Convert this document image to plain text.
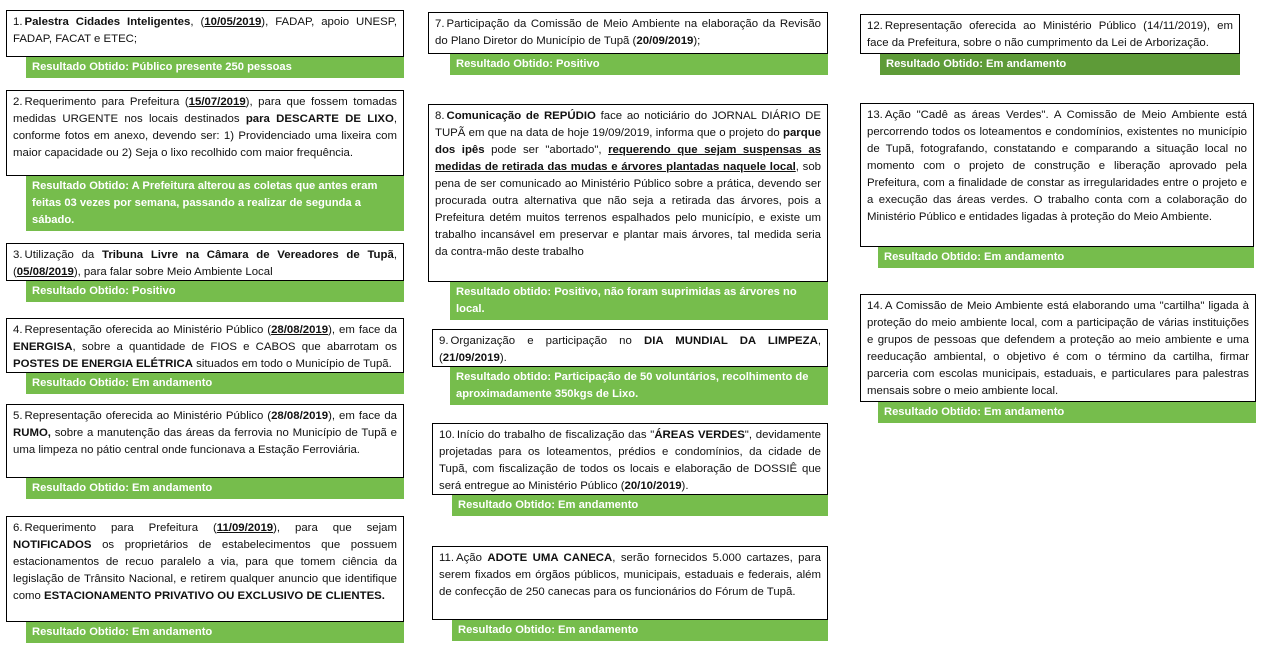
1. Palestra Cidades Inteligentes, (10/05/2019), FADAP, apoio UNESP, FADAP, FACAT e ETEC;
Resultado Obtido: Público presente 250 pessoas
2. Requerimento para Prefeitura (15/07/2019), para que fossem tomadas medidas URGENTE nos locais destinados para DESCARTE DE LIXO, conforme fotos em anexo, devendo ser: 1) Providenciado uma lixeira com maior capacidade ou 2) Seja o lixo recolhido com maior frequência.
Resultado Obtido: A Prefeitura alterou as coletas que antes eram feitas 03 vezes por semana, passando a realizar de segunda a sábado.
3. Utilização da Tribuna Livre na Câmara de Vereadores de Tupã, (05/08/2019), para falar sobre Meio Ambiente Local
Resultado Obtido: Positivo
4. Representação oferecida ao Ministério Público (28/08/2019), em face da ENERGISA, sobre a quantidade de FIOS e CABOS que abarrotam os POSTES DE ENERGIA ELÉTRICA situados em todo o Município de Tupã.
Resultado Obtido: Em andamento
5. Representação oferecida ao Ministério Público (28/08/2019), em face da RUMO, sobre a manutenção das áreas da ferrovia no Município de Tupã e uma limpeza no pátio central onde funcionava a Estação Ferroviária.
Resultado Obtido: Em andamento
6. Requerimento para Prefeitura (11/09/2019), para que sejam NOTIFICADOS os proprietários de estabelecimentos que possuem estacionamentos de recuo paralelo a via, para que tomem ciência da legislação de Trânsito Nacional, e retirem qualquer anuncio que identifique como ESTACIONAMENTO PRIVATIVO OU EXCLUSIVO DE CLIENTES.
Resultado Obtido: Em andamento
7. Participação da Comissão de Meio Ambiente na elaboração da Revisão do Plano Diretor do Município de Tupã (20/09/2019);
Resultado Obtido: Positivo
8. Comunicação de REPÚDIO face ao noticiário do JORNAL DIÁRIO DE TUPÃ em que na data de hoje 19/09/2019, informa que o projeto do parque dos ipês pode ser "abortado", requerendo que sejam suspensas as medidas de retirada das mudas e árvores plantadas naquele local, sob pena de ser comunicado ao Ministério Público sobre a prática, devendo ser procurada outra alternativa que não seja a retirada das árvores, pois a Prefeitura detém muitos terrenos espalhados pelo município, e existe um trabalho incansável em preservar e plantar mais árvores, tal medida seria da contra-mão deste trabalho
Resultado obtido: Positivo, não foram suprimidas as árvores no local.
9. Organização e participação no DIA MUNDIAL DA LIMPEZA, (21/09/2019).
Resultado obtido: Participação de 50 voluntários, recolhimento de aproximadamente 350kgs de Lixo.
10. Início do trabalho de fiscalização das "ÁREAS VERDES", devidamente projetadas para os loteamentos, prédios e condomínios, da cidade de Tupã, com fiscalização de todos os locais e elaboração de DOSSIÊ que será entregue ao Ministério Público (20/10/2019).
Resultado Obtido: Em andamento
11. Ação ADOTE UMA CANECA, serão fornecidos 5.000 cartazes, para serem fixados em órgãos públicos, municipais, estaduais e federais, além de confecção de 250 canecas para os funcionários do Fórum de Tupã.
Resultado Obtido: Em andamento
12. Representação oferecida ao Ministério Público (14/11/2019), em face da Prefeitura, sobre o não cumprimento da Lei de Arborização.
Resultado Obtido: Em andamento
13. Ação "Cadê as áreas Verdes". A Comissão de Meio Ambiente está percorrendo todos os loteamentos e condomínios, existentes no município de Tupã, fotografando, constatando e comparando a situação local no momento com o projeto de construção e liberação aprovado pela Prefeitura, com a finalidade de constar as irregularidades entre o projeto e a execução das áreas verdes. O trabalho conta com a colaboração do Ministério Público e entidades ligadas à proteção do Meio Ambiente.
Resultado Obtido: Em andamento
14. A Comissão de Meio Ambiente está elaborando uma "cartilha" ligada à proteção do meio ambiente local, com a participação de várias instituições e grupos de pessoas que defendem a proteção ao meio ambiente e uma reeducação ambiental, o objetivo é com o término da cartilha, firmar parceria com escolas municipais, estaduais, e particulares para palestras mensais sobre o meio ambiente local.
Resultado Obtido: Em andamento
